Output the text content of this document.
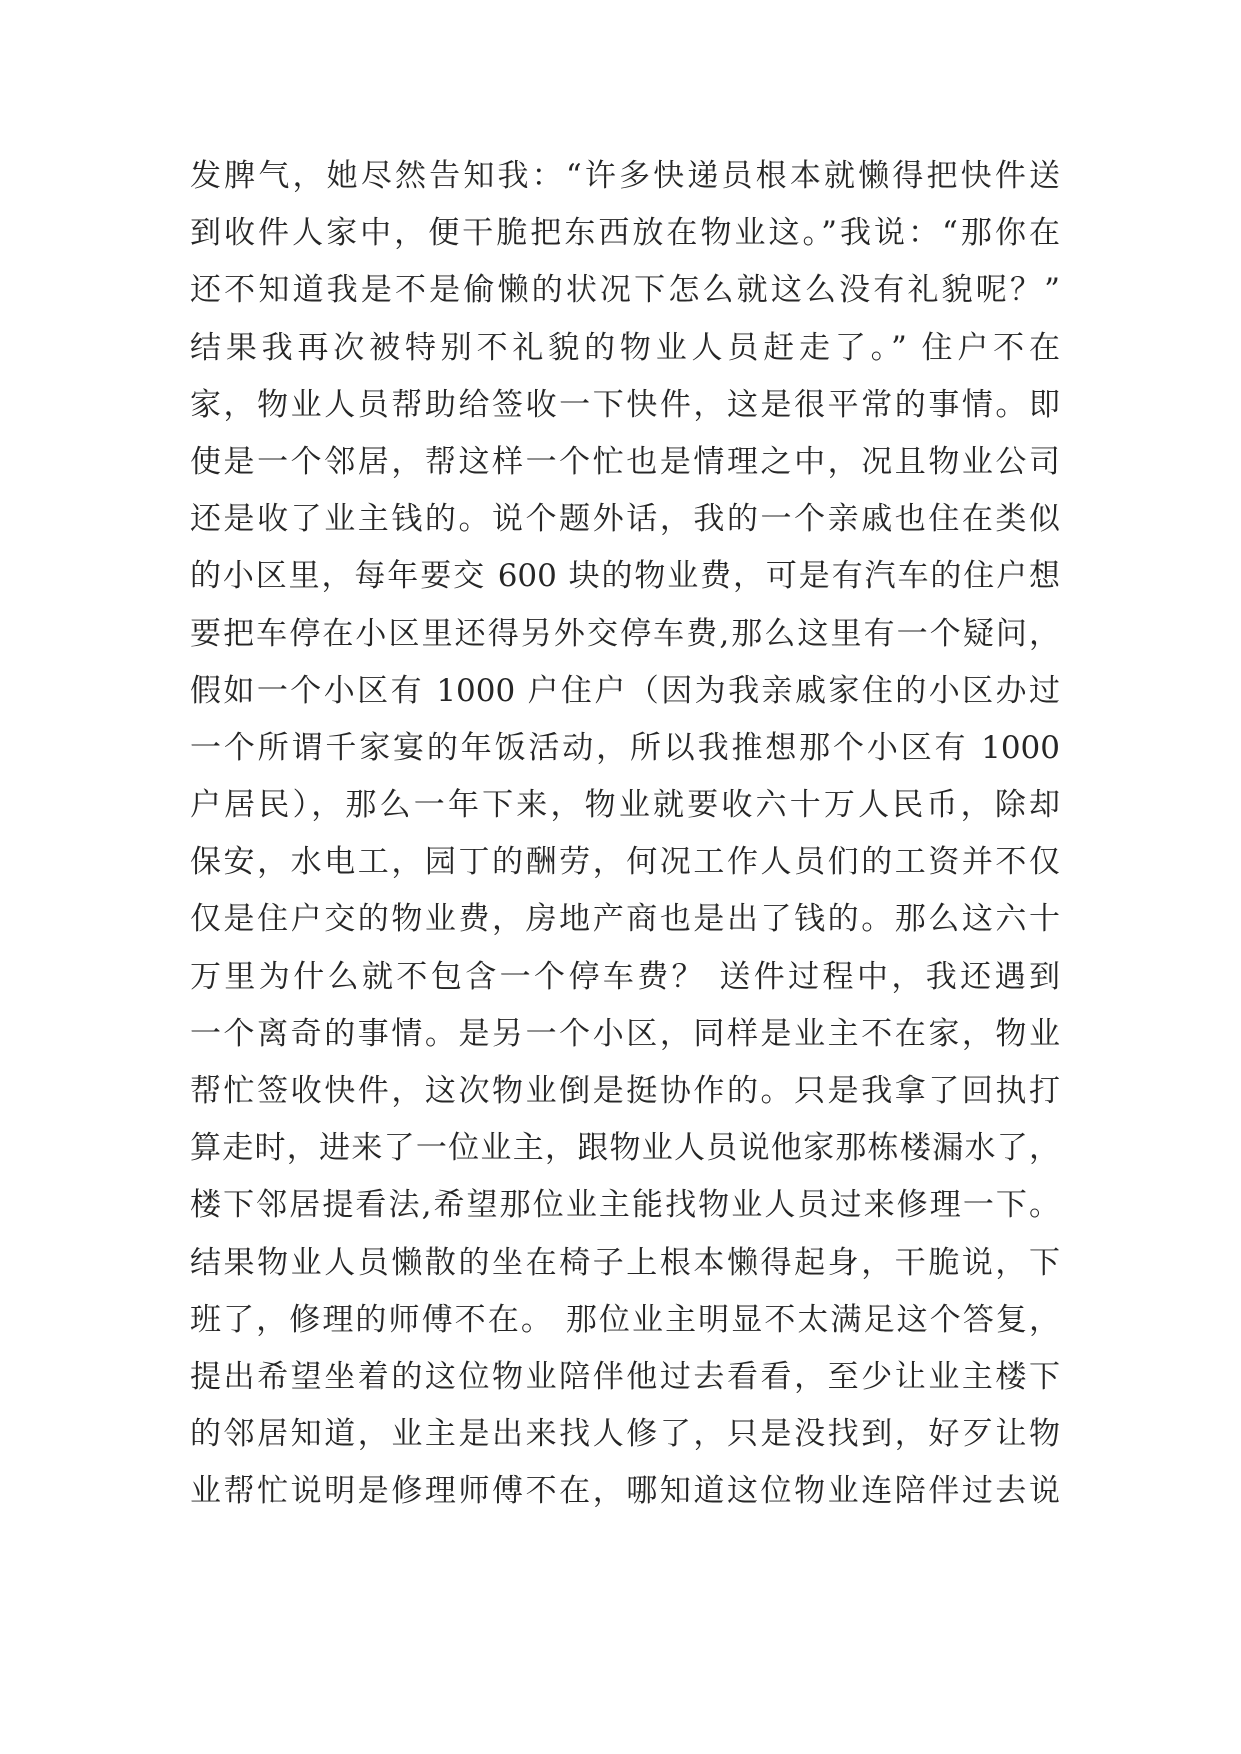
发脾气，她尽然告知我：“许多快递员根本就懒得把快件送
到收件人家中，便干脆把东西放在物业这。”我说：“那你在
还不知道我是不是偷懒的状况下怎么就这么没有礼貌呢？”
结果我再次被特别不礼貌的物业人员赶走了。” 住户不在
家，物业人员帮助给签收一下快件，这是很平常的事情。即
使是一个邻居，帮这样一个忙也是情理之中，况且物业公司
还是收了业主钱的。说个题外话，我的一个亲戚也住在类似
的小区里，每年要交 600 块的物业费，可是有汽车的住户想
要把车停在小区里还得另外交停车费,那么这里有一个疑问，
假如一个小区有 1000 户住户（因为我亲戚家住的小区办过
一个所谓千家宴的年饭活动，所以我推想那个小区有 1000
户居民），那么一年下来，物业就要收六十万人民币，除却
保安，水电工，园丁的酬劳，何况工作人员们的工资并不仅
仅是住户交的物业费，房地产商也是出了钱的。那么这六十
万里为什么就不包含一个停车费？ 送件过程中，我还遇到
一个离奇的事情。是另一个小区，同样是业主不在家，物业
帮忙签收快件，这次物业倒是挺协作的。只是我拿了回执打
算走时，进来了一位业主，跟物业人员说他家那栋楼漏水了，
楼下邻居提看法,希望那位业主能找物业人员过来修理一下。
结果物业人员懒散的坐在椅子上根本懒得起身，干脆说，下
班了，修理的师傅不在。 那位业主明显不太满足这个答复，
提出希望坐着的这位物业陪伴他过去看看，至少让业主楼下
的邻居知道，业主是出来找人修了，只是没找到，好歹让物
业帮忙说明是修理师傅不在，哪知道这位物业连陪伴过去说
